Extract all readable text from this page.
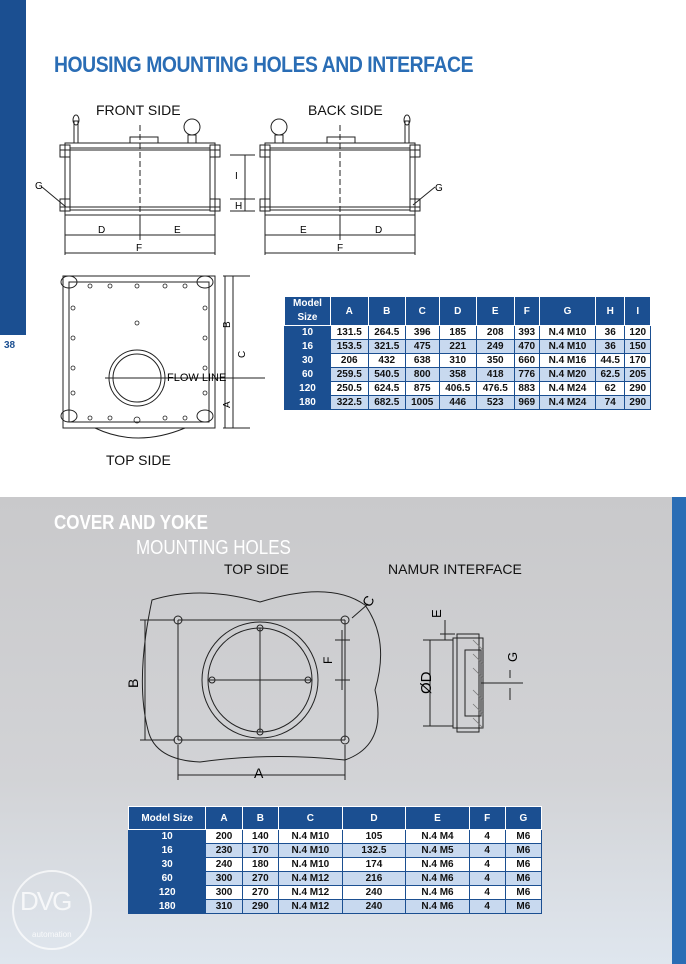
38
HOUSING MOUNTING HOLES AND INTERFACE
FRONT SIDE	BACK SIDE
TOP SIDE
D	E
F
G
H
I
E	D
F
G
FLOW LINE
B
C
A
Model Size	A	B	C	D	E	F	G	H	I
10	131.5	264.5	396	185	208	393	N.4 M10	36	120
16	153.5	321.5	475	221	249	470	N.4 M10	36	150
30	206	432	638	310	350	660	N.4 M16	44.5	170
60	259.5	540.5	800	358	418	776	N.4 M20	62.5	205
120	250.5	624.5	875	406.5	476.5	883	N.4 M24	62	290
180	322.5	682.5	1005	446	523	969	N.4 M24	74	290
COVER AND YOKE
MOUNTING HOLES
TOP SIDE	NAMUR INTERFACE
B
A
F
C
E
ØD
G
Model Size	A	B	C	D	E	F	G
10	200	140	N.4 M10	105	N.4 M4	4	M6
16	230	170	N.4 M10	132.5	N.4 M5	4	M6
30	240	180	N.4 M10	174	N.4 M6	4	M6
60	300	270	N.4 M12	216	N.4 M6	4	M6
120	300	270	N.4 M12	240	N.4 M6	4	M6
180	310	290	N.4 M12	240	N.4 M6	4	M6
DVG
automation
